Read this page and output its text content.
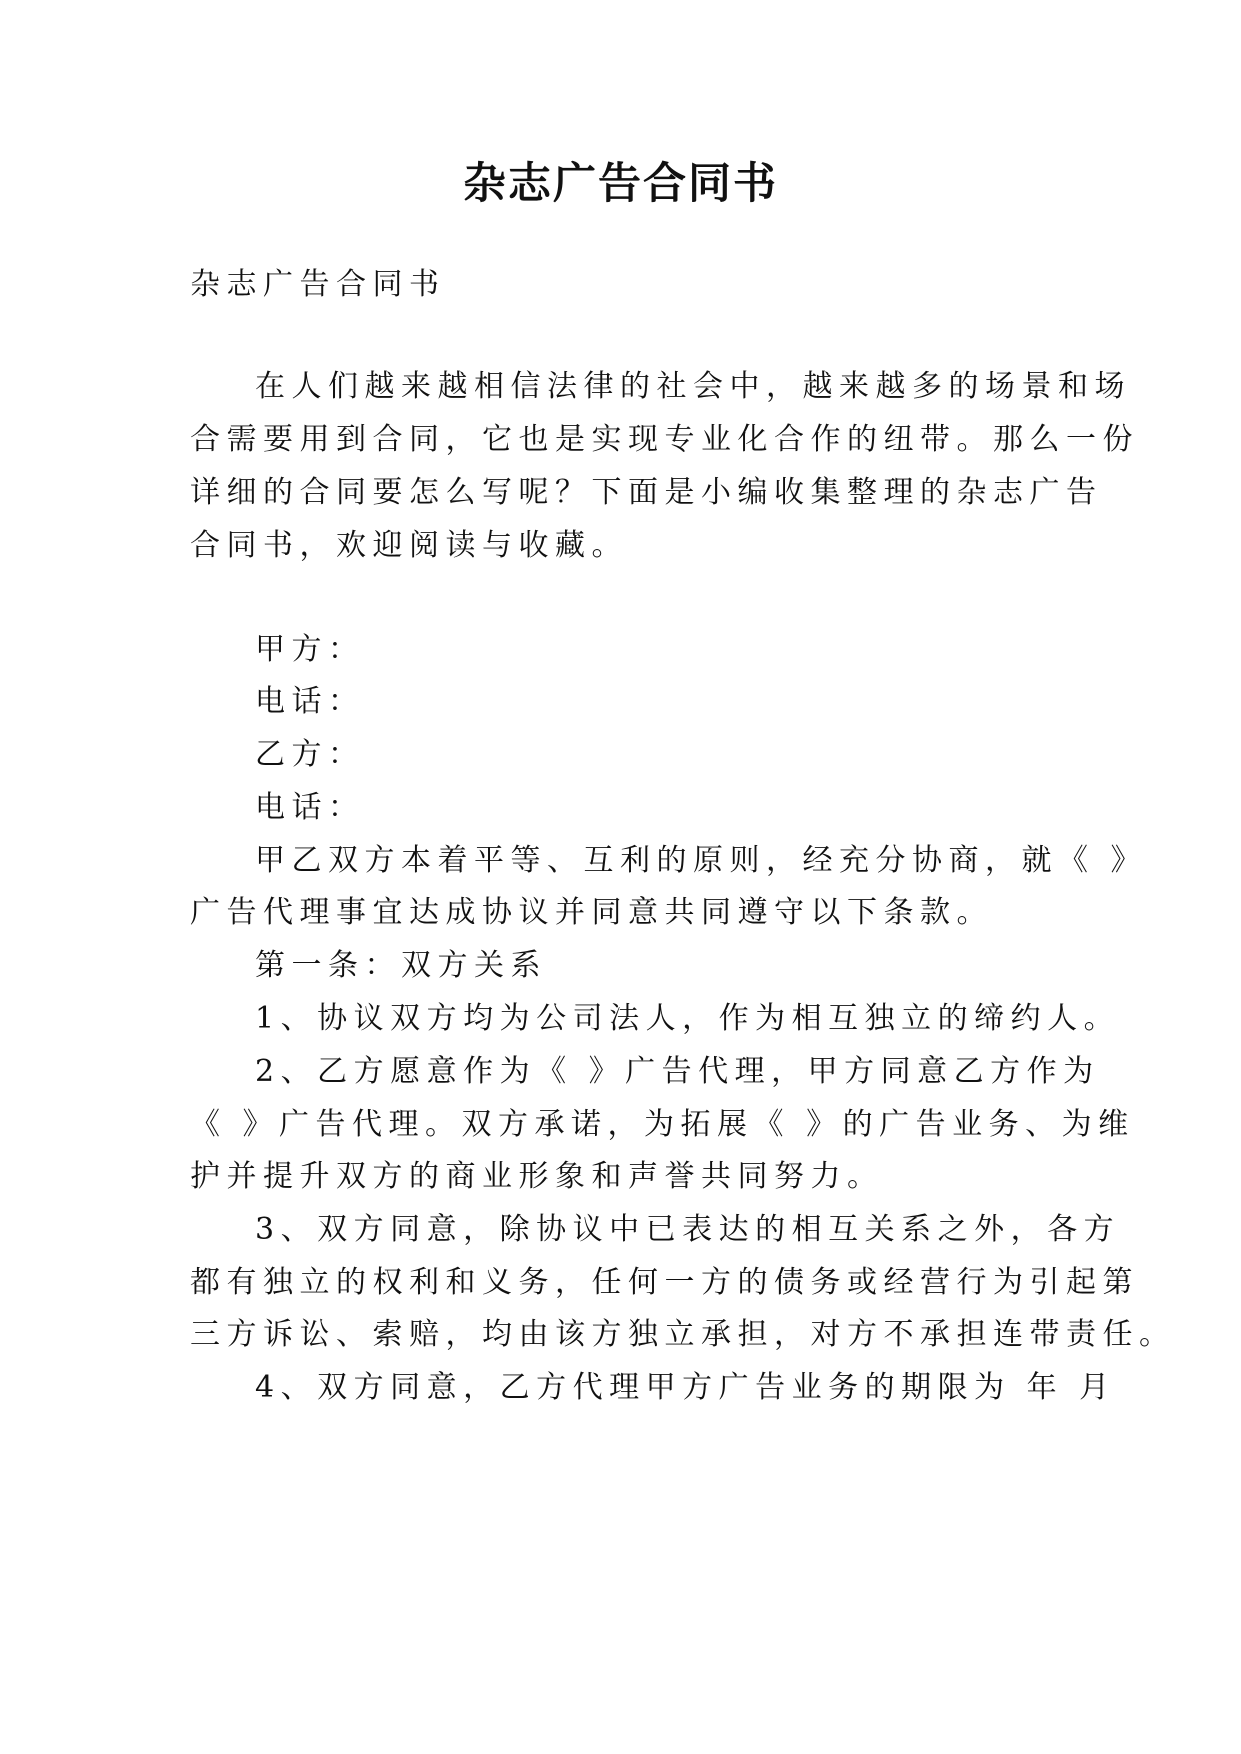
杂志广告合同书
杂志广告合同书
在人们越来越相信法律的社会中，越来越多的场景和场
合需要用到合同，它也是实现专业化合作的纽带。那么一份
详细的合同要怎么写呢？下面是小编收集整理的杂志广告
合同书，欢迎阅读与收藏。
甲方：
电话：
乙方：
电话：
甲乙双方本着平等、互利的原则，经充分协商，就《 》
广告代理事宜达成协议并同意共同遵守以下条款。
第一条：双方关系
1、协议双方均为公司法人，作为相互独立的缔约人。
2、乙方愿意作为《 》广告代理，甲方同意乙方作为
《 》广告代理。双方承诺，为拓展《 》的广告业务、为维
护并提升双方的商业形象和声誉共同努力。
3、双方同意，除协议中已表达的相互关系之外，各方
都有独立的权利和义务，任何一方的债务或经营行为引起第
三方诉讼、索赔，均由该方独立承担，对方不承担连带责任。
4、双方同意，乙方代理甲方广告业务的期限为 年 月
